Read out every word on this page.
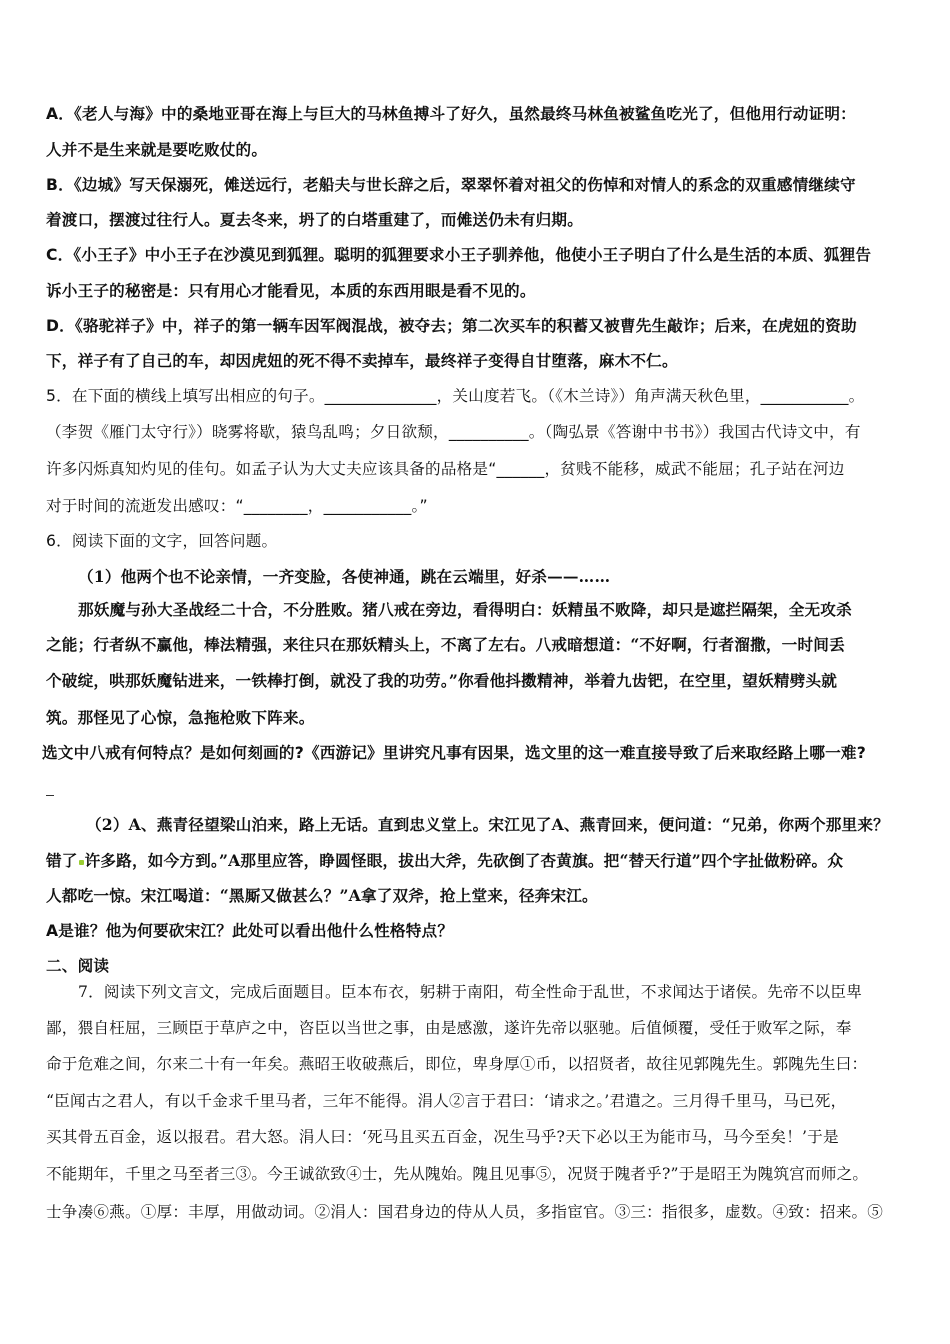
A．《老人与海》中的桑地亚哥在海上与巨大的马林鱼搏斗了好久，虽然最终马林鱼被鲨鱼吃光了，但他用行动证明：
人并不是生来就是要吃败仗的。
B．《边城》写天保溺死，傩送远行，老船夫与世长辞之后，翠翠怀着对祖父的伤悼和对情人的系念的双重感情继续守
着渡口，摆渡过往行人。夏去冬来，坍了的白塔重建了，而傩送仍未有归期。
C．《小王子》中小王子在沙漠见到狐狸。聪明的狐狸要求小王子驯养他，他使小王子明白了什么是生活的本质、狐狸告
诉小王子的秘密是：只有用心才能看见，本质的东西用眼是看不见的。
D．《骆驼祥子》中，祥子的第一辆车因军阀混战，被夺去；第二次买车的积蓄又被曹先生敲诈；后来，在虎妞的资助
下，祥子有了自己的车，却因虎妞的死不得不卖掉车，最终祥子变得自甘堕落，麻木不仁。
5．在下面的横线上填写出相应的句子。______________，关山度若飞。（《木兰诗》）角声满天秋色里，___________。
（李贺《雁门太守行》）晓雾将歇，猿鸟乱鸣；夕日欲颓，__________。（陶弘景《答谢中书书》）我国古代诗文中，有
许多闪烁真知灼见的佳句。如孟子认为大丈夫应该具备的品格是“______，贫贱不能移，威武不能屈；孔子站在河边
对于时间的流逝发出感叹：“________，___________。”
6．阅读下面的文字，回答问题。
（1）他两个也不论亲情，一齐变脸，各使神通，跳在云端里，好杀——……
那妖魔与孙大圣战经二十合，不分胜败。猪八戒在旁边，看得明白：妖精虽不败降，却只是遮拦隔架，全无攻杀
之能；行者纵不赢他，棒法精强，来往只在那妖精头上，不离了左右。八戒暗想道：“不好啊，行者溜撒，一时间丢
个破绽，哄那妖魔钻进来，一铁棒打倒，就没了我的功劳。”你看他抖擞精神，举着九齿钯，在空里，望妖精劈头就
筑。那怪见了心惊，急拖枪败下阵来。
选文中八戒有何特点？是如何刻画的?《西游记》里讲究凡事有因果，选文里的这一难直接导致了后来取经路上哪一难?
（2）A、燕青径望梁山泊来，路上无话。直到忠义堂上。宋江见了A、燕青回来，便问道：“兄弟，你两个那里来？
错了 许多路，如今方到。”A那里应答，睁圆怪眼，拔出大斧，先砍倒了杏黄旗。把“替天行道”四个字扯做粉碎。众
人都吃一惊。宋江喝道：“黑厮又做甚么？”A拿了双斧，抢上堂来，径奔宋江。
A是谁？他为何要砍宋江？此处可以看出他什么性格特点？
二、阅读
7．阅读下列文言文，完成后面题目。臣本布衣，躬耕于南阳，苟全性命于乱世，不求闻达于诸侯。先帝不以臣卑
鄙，猥自枉屈，三顾臣于草庐之中，咨臣以当世之事，由是感激，遂许先帝以驱驰。后值倾覆，受任于败军之际，奉
命于危难之间，尔来二十有一年矣。燕昭王收破燕后，即位，卑身厚①币，以招贤者，故往见郭隗先生。郭隗先生曰：
“臣闻古之君人，有以千金求千里马者，三年不能得。涓人②言于君曰：‘请求之。’君遣之。三月得千里马，马已死，
买其骨五百金，返以报君。君大怒。涓人曰：‘死马且买五百金，况生马乎?天下必以王为能市马，马今至矣！’于是
不能期年，千里之马至者三③。今王诚欲致④士，先从隗始。隗且见事⑤，况贤于隗者乎?”于是昭王为隗筑宫而师之。
士争凑⑥燕。①厚：丰厚，用做动词。②涓人：国君身边的侍从人员，多指宦官。③三：指很多，虚数。④致：招来。⑤
